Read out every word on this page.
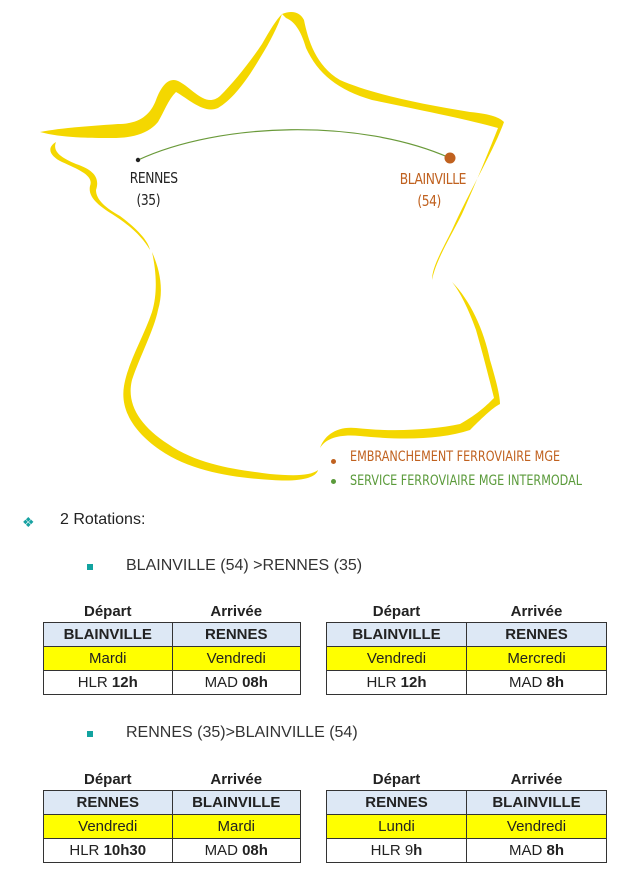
RENNES
(35)
BLAINVILLE
(54)
EMBRANCHEMENT FERROVIAIRE MGE
SERVICE FERROVIAIRE MGE INTERMODAL
❖ 2 Rotations:
BLAINVILLE (54) >RENNES (35)
Départ	Arrivée
BLAINVILLE	RENNES
Mardi	Vendredi
HLR 12h	MAD 08h
Départ	Arrivée
BLAINVILLE	RENNES
Vendredi	Mercredi
HLR 12h	MAD 8h
RENNES (35)>BLAINVILLE (54)
Départ	Arrivée
RENNES	BLAINVILLE
Vendredi	Mardi
HLR 10h30	MAD 08h
Départ	Arrivée
RENNES	BLAINVILLE
Lundi	Vendredi
HLR 9h	MAD 8h
